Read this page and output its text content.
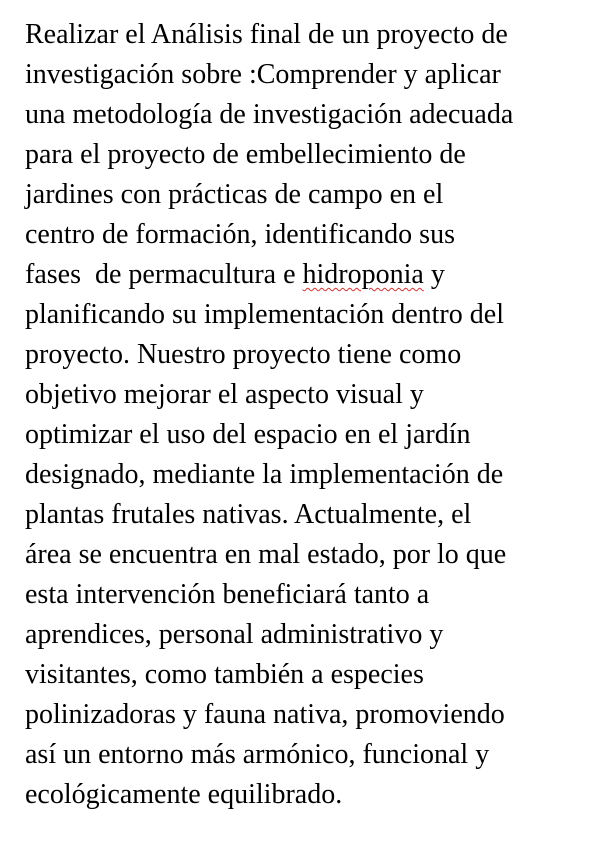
Realizar el Análisis final de un proyecto de
investigación sobre :Comprender y aplicar
una metodología de investigación adecuada
para el proyecto de embellecimiento de
jardines con prácticas de campo en el
centro de formación, identificando sus
fases  de permacultura e hidroponia y
planificando su implementación dentro del
proyecto. Nuestro proyecto tiene como
objetivo mejorar el aspecto visual y
optimizar el uso del espacio en el jardín
designado, mediante la implementación de
plantas frutales nativas. Actualmente, el
área se encuentra en mal estado, por lo que
esta intervención beneficiará tanto a
aprendices, personal administrativo y
visitantes, como también a especies
polinizadoras y fauna nativa, promoviendo
así un entorno más armónico, funcional y
ecológicamente equilibrado.
